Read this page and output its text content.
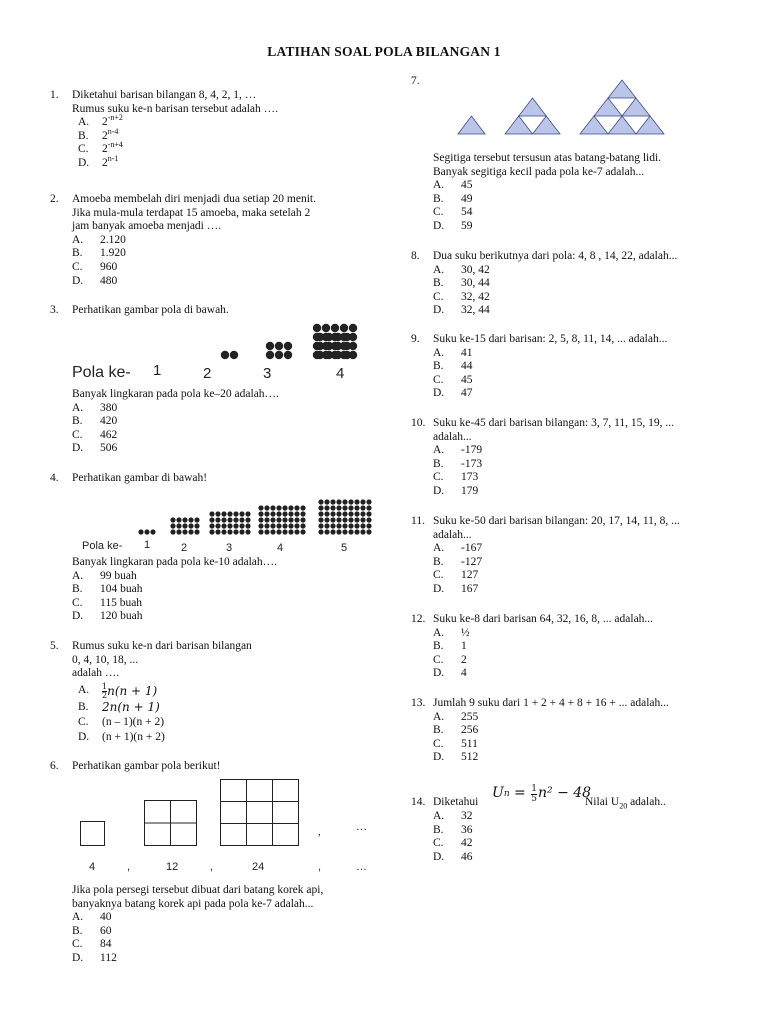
LATIHAN SOAL POLA BILANGAN 1
1.	Diketahui barisan bilangan 8, 4, 2, 1, …
Rumus suku ke-n barisan tersebut adalah ….
A.	$2^{-n+2}$
B.	2$^{n-4}$
C.	$2^{-n+4}$
D.	2$^{n-1}$
2.	Amoeba membelah diri menjadi dua setiap 20 menit.
Jika mula-mula terdapat 15 amoeba, maka setelah 2
jam banyak amoeba menjadi ….
A.	2.120
B.	1.920
C.	960
D.	480
3.	Perhatikan gambar pola di bawah.
Pola ke- 1	2	3	4
Banyak lingkaran pada pola ke–20 adalah….
A.	380
B.	420
C.	462
D.	506
4.	Perhatikan gambar di bawah!
Pola ke- 1	2	3	4	5
Banyak lingkaran pada pola ke-10 adalah….
A.	99 buah
B.	104 buah
C.	115 buah
D.	120 buah
5.	Rumus suku ke-n dari barisan bilangan
0, 4, 10, 18, ...
adalah ….
A.	$\frac{1}{2} n(n + 1)$
B.	2n(n + 1)
C.	(n – 1)(n + 2)
D.	(n + 1)(n + 2)
6.	Perhatikan gambar pola berikut!
,	…
4	,	12	,	24	,	…
Jika pola persegi tersebut dibuat dari batang korek api,
banyaknya batang korek api pada pola ke-7 adalah...
A.	40
B.	60
C.	84
D.	112
7.
Segitiga tersebut tersusun atas batang-batang lidi.
Banyak segitiga kecil pada pola ke-7 adalah...
A.	45
B.	49
C.	54
D.	59
8.	Dua suku berikutnya dari pola: 4, 8 , 14, 22, adalah...
A.	30, 42
B.	30, 44
C.	32, 42
D.	32, 44
9.	Suku ke-15 dari barisan: 2, 5, 8, 11, 14, ... adalah...
A.	41
B.	44
C.	45
D.	47
10. Suku ke-45 dari barisan bilangan: 3, 7, 11, 15, 19, ...
adalah...
A.	-179
B.	-173
C.	173
D.	179
11. Suku ke-50 dari barisan bilangan: 20, 17, 14, 11, 8, ...
adalah...
A.	-167
B.	-127
C.	127
D.	167
12. Suku ke-8 dari barisan 64, 32, 16, 8, ... adalah...
A.	½
B.	1
C.	2
D.	4
13. Jumlah 9 suku dari 1 + 2 + 4 + 8 + 16 + ... adalah...
A.	255
B.	256
C.	511
D.	512
14. Diketahui
U $n = \frac{1}{5} n^2 - 48$
Nilai $U_{20}$ adalah..
A.	32
B.	36
C.	42
D.	46
